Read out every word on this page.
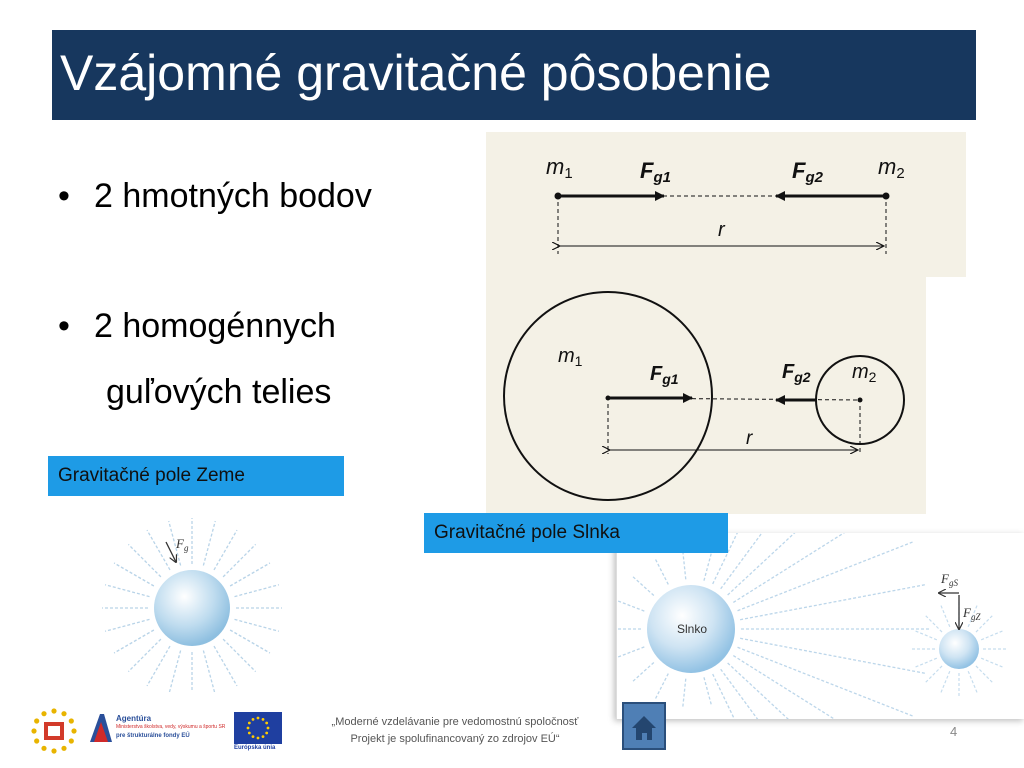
Vzájomné gravitačné pôsobenie
• 2 hmotných bodov
• 2 homogénnych
guľových telies
m1	m2
Fg1	Fg2
r
$m_1$	$m_2$
$F_{g1}$	$F_{g2}$
r
Gravitačné pole Zeme
$F_g$
Slnko
$F_{gS}$
$F_{gZ}$
Gravitačné pole Slnka
Agentúra
Ministerstva školstva, vedy, výskumu a športu SR
pre štrukturálne fondy EÚ
Európska únia
„Moderné vzdelávanie pre vedomostnú spoločnosť
Projekt je spolufinancovaný zo zdrojov EÚ“	4
